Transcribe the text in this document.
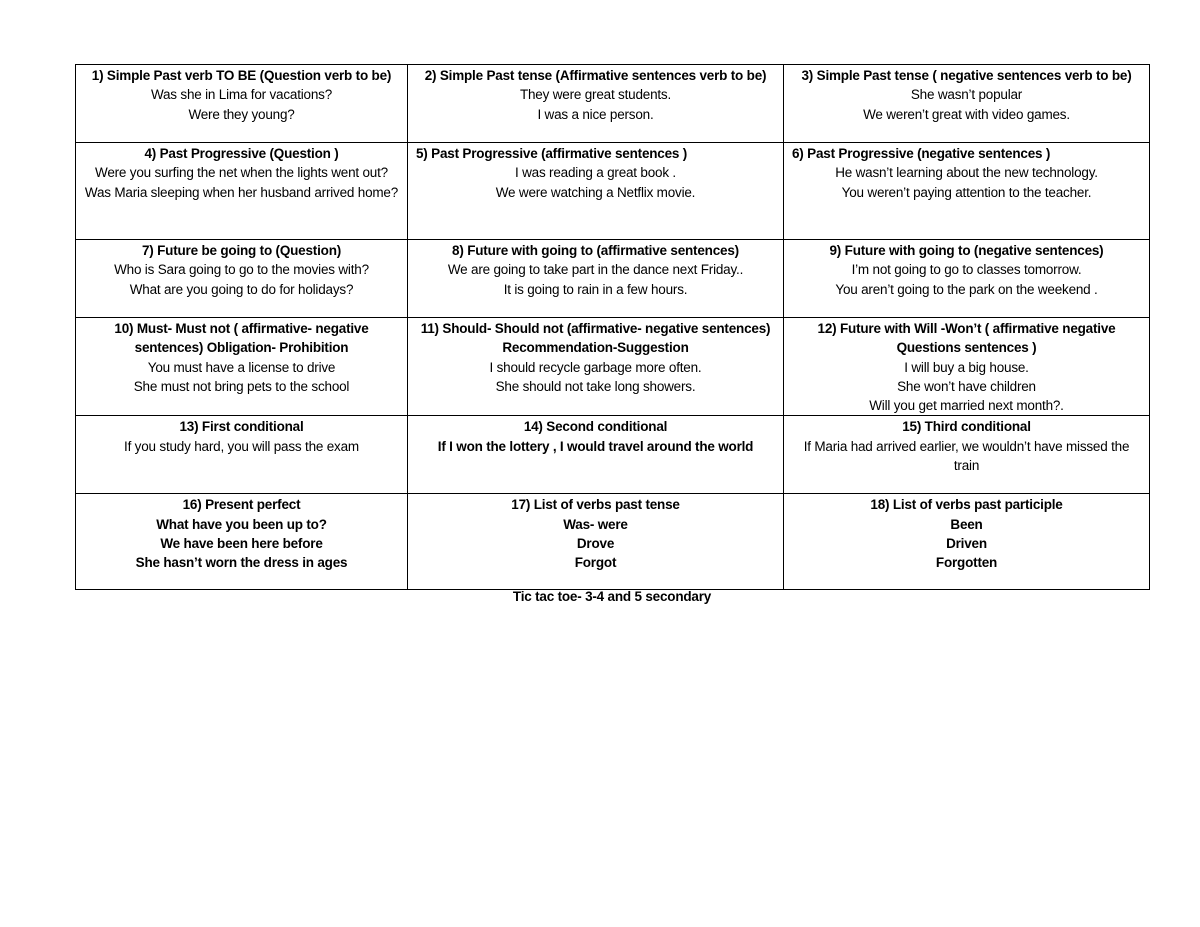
1) Simple Past verb TO BE (Question verb to be)
Was she in Lima for vacations?
Were they young?	2) Simple Past tense (Affirmative sentences verb to be)
They were great students.
I was a nice person.	3) Simple Past tense ( negative sentences verb to be)
She wasn’t popular
We weren’t great with video games.

4) Past Progressive (Question )
Were you surfing the net when the lights went out?
Was Maria sleeping when her husband arrived home?	5) Past Progressive (affirmative sentences )
I was reading a great book .
We were watching a Netflix movie.	6) Past Progressive (negative sentences )
He wasn’t learning about the new technology.
You weren’t paying attention to the teacher.

7) Future be going to (Question)
Who is Sara going to go to the movies with?
What are you going to do for holidays?	8) Future with going to (affirmative sentences)
We are going to take part in the dance next Friday..
It is going to rain in a few hours.	9) Future with going to (negative sentences)
I’m not going to go to classes tomorrow.
You aren’t going to the park on the weekend .

10) Must- Must not ( affirmative- negative sentences) Obligation- Prohibition
You must have a license to drive
She must not bring pets to the school	11) Should- Should not (affirmative- negative sentences) Recommendation-Suggestion
I should recycle garbage more often.
She should not take long showers.	12) Future with Will -Won’t ( affirmative negative Questions sentences )
I will buy a big house.
She won’t have children
Will you get married next month?.

13) First conditional
If you study hard, you will pass the exam	14) Second conditional
If I won the lottery , I would travel around the world	15) Third conditional
If Maria had arrived earlier, we wouldn’t have missed the train

16) Present perfect
What have you been up to?
We have been here before
She hasn’t worn the dress in ages	17) List of verbs past tense
Was- were
Drove
Forgot	18) List of verbs past participle
Been
Driven
Forgotten
Tic tac toe- 3-4 and 5 secondary
